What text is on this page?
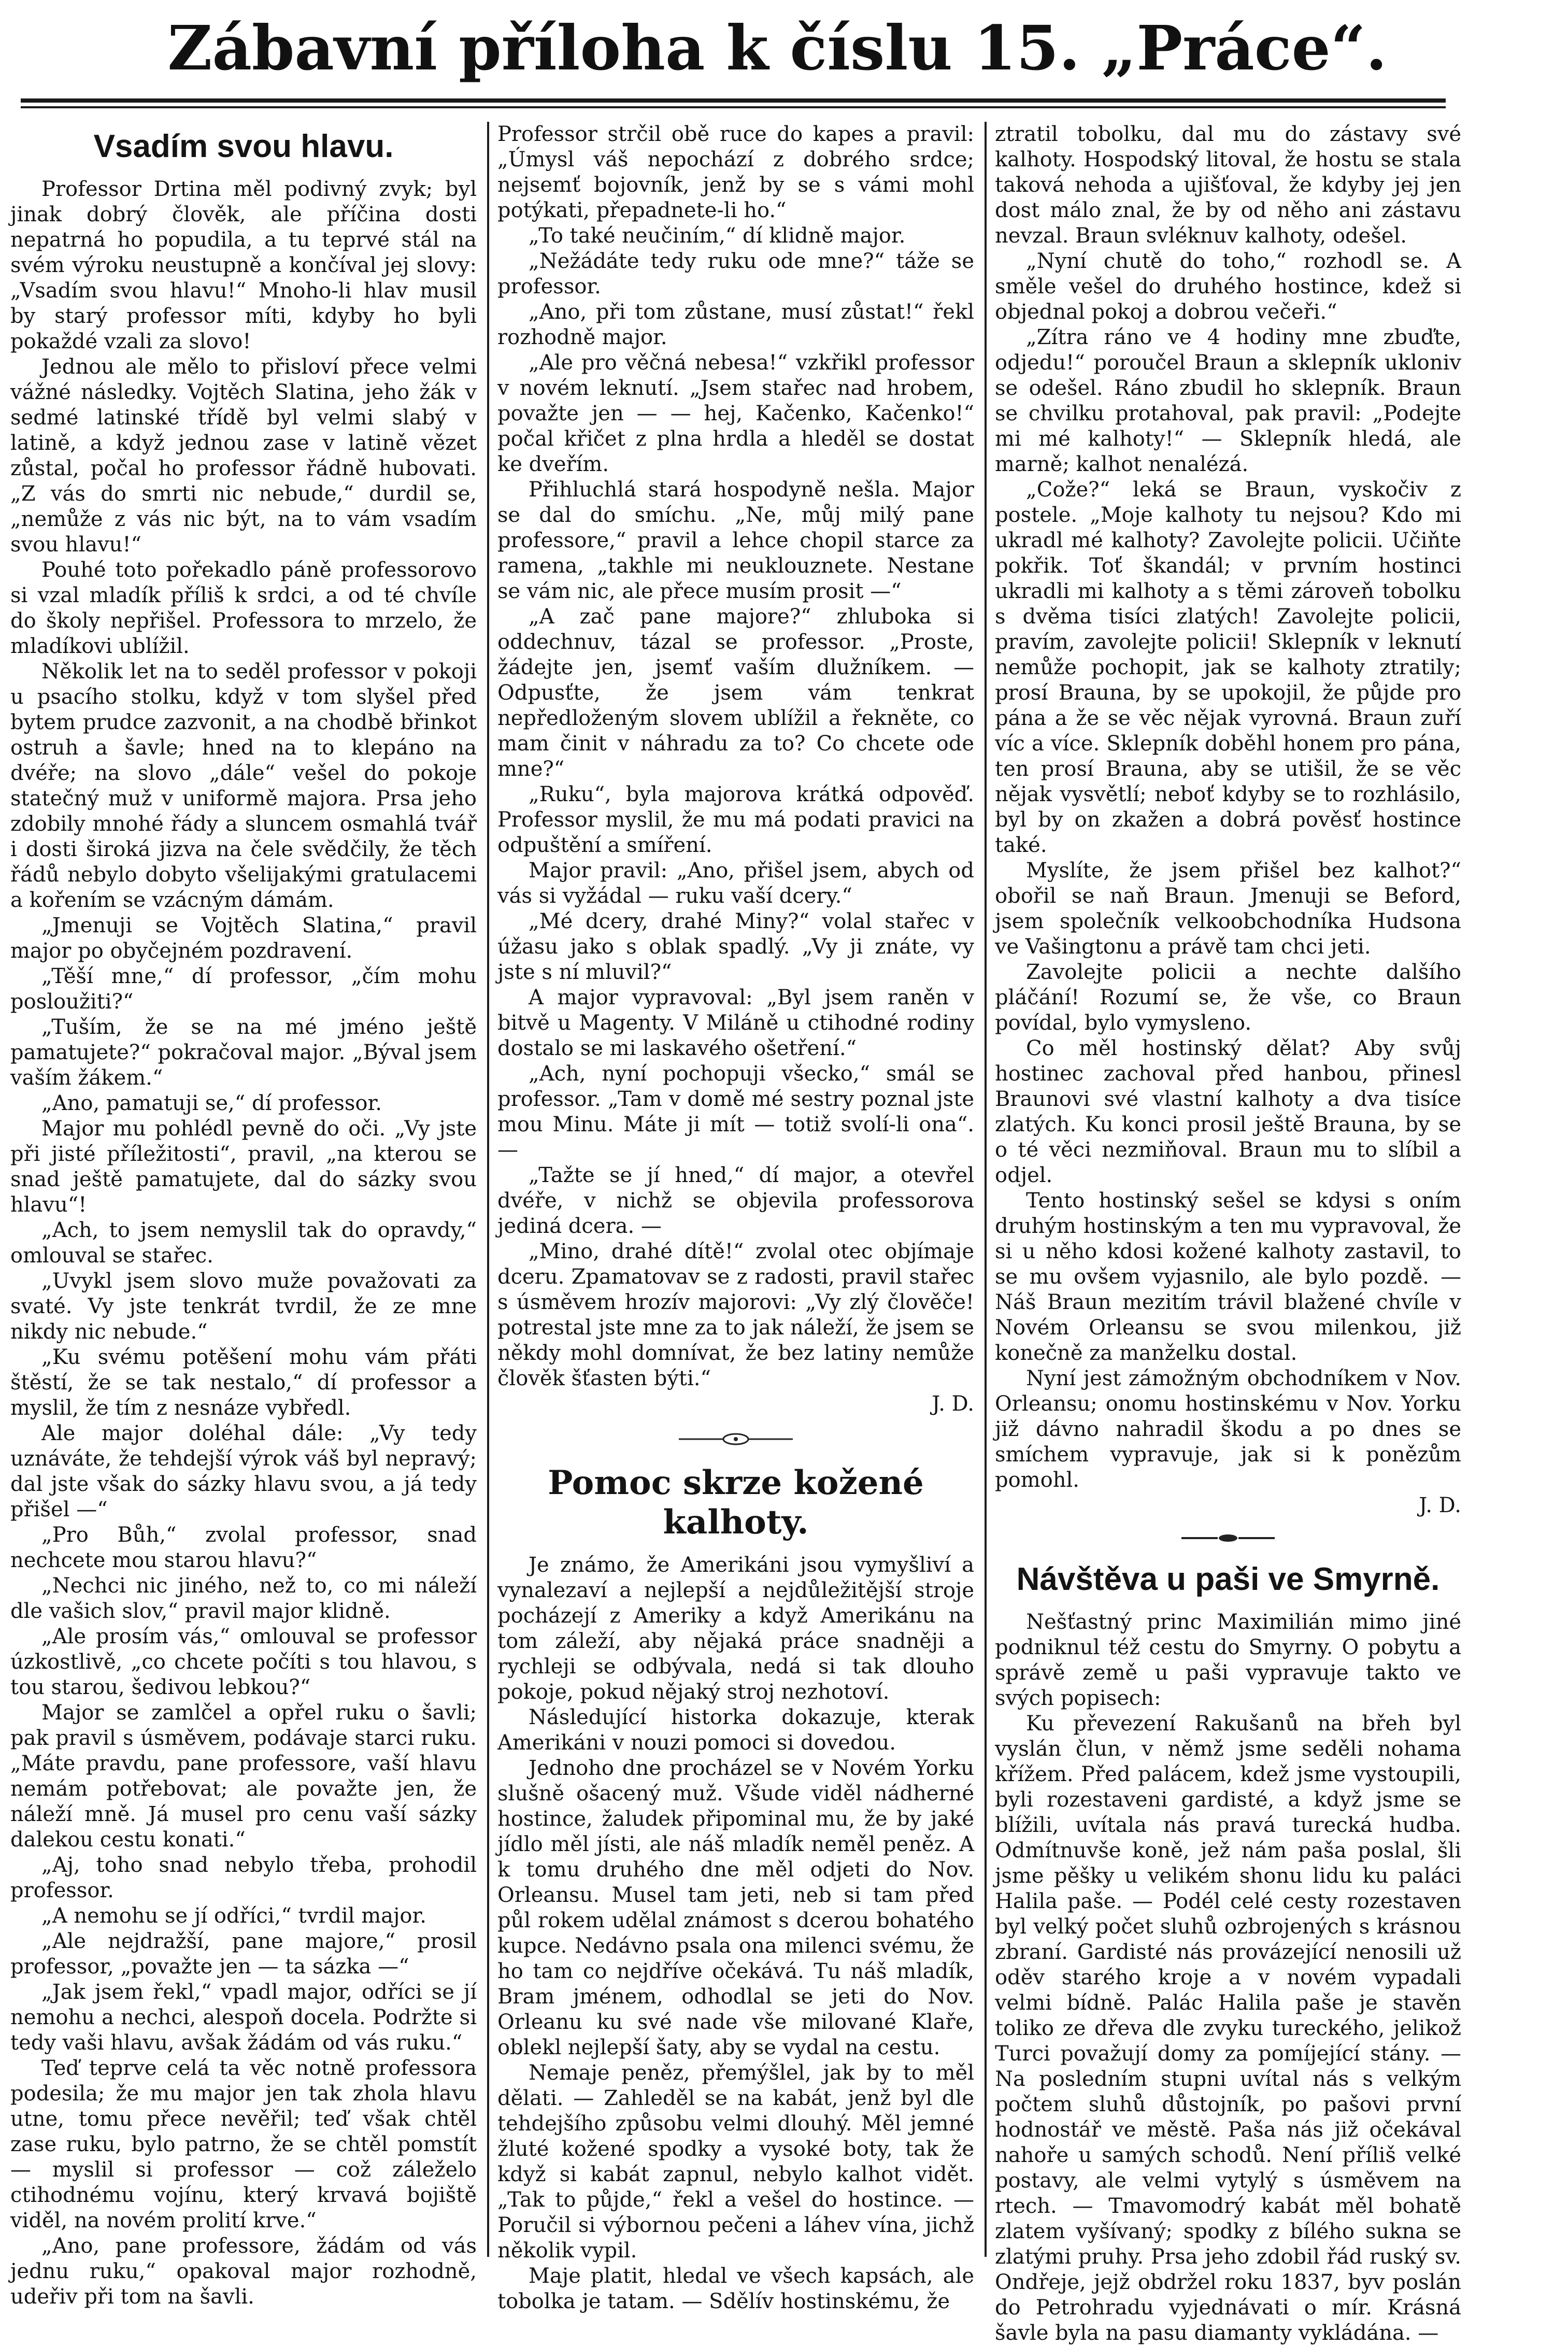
Zábavní příloha k číslu 15. „Práce“.
Vsadím svou hlavu.

Professor Drtina měl podivný zvyk; byl jinak dobrý člověk, ale příčina dosti nepatrná ho popudila, a tu teprvé stál na svém výroku neustupně a končíval jej slovy: „Vsadím svou hlavu!“ Mnoho-li hlav musil by starý professor míti, kdyby ho byli pokaždé vzali za slovo!

Jednou ale mělo to přisloví přece velmi vážné následky. Vojtěch Slatina, jeho žák v sedmé latinské třídě byl velmi slabý v latině, a když jednou zase v latině vězet zůstal, počal ho professor řádně hubovati. „Z vás do smrti nic nebude,“ durdil se, „nemůže z vás nic být, na to vám vsadím svou hlavu!“

Pouhé toto pořekadlo páně professorovo si vzal mladík příliš k srdci, a od té chvíle do školy nepřišel. Professora to mrzelo, že mladíkovi ublížil.

Několik let na to seděl professor v pokoji u psacího stolku, když v tom slyšel před bytem prudce zazvonit, a na chodbě břinkot ostruh a šavle; hned na to klepáno na dvéře; na slovo „dále“ vešel do pokoje statečný muž v uniformě majora. Prsa jeho zdobily mnohé řády a sluncem osmahlá tvář i dosti široká jizva na čele svědčily, že těch řádů nebylo dobyto všelijakými gratulacemi a kořením se vzácným dámám.

„Jmenuji se Vojtěch Slatina,“ pravil major po obyčejném pozdravení.

„Těší mne,“ dí professor, „čím mohu posloužiti?“

„Tuším, že se na mé jméno ještě pamatujete?“ pokračoval major. „Býval jsem vaším žákem.“

„Ano, pamatuji se,“ dí professor.

Major mu pohlédl pevně do oči. „Vy jste při jisté příležitosti“, pravil, „na kterou se snad ještě pamatujete, dal do sázky svou hlavu“!

„Ach, to jsem nemyslil tak do opravdy,“ omlouval se stařec.

„Uvykl jsem slovo muže považovati za svaté. Vy jste tenkrát tvrdil, že ze mne nikdy nic nebude.“

„Ku svému potěšení mohu vám přáti štěstí, že se tak nestalo,“ dí professor a myslil, že tím z nesnáze vybředl.

Ale major doléhal dále: „Vy tedy uznáváte, že tehdejší výrok váš byl nepravý; dal jste však do sázky hlavu svou, a já tedy přišel —“

„Pro Bůh,“ zvolal professor, snad nechcete mou starou hlavu?“

„Nechci nic jiného, než to, co mi náleží dle vašich slov,“ pravil major klidně.

„Ale prosím vás,“ omlouval se professor úzkostlivě, „co chcete počíti s tou hlavou, s tou starou, šedivou lebkou?“

Major se zamlčel a opřel ruku o šavli; pak pravil s úsměvem, podávaje starci ruku. „Máte pravdu, pane professore, vaší hlavu nemám potřebovat; ale považte jen, že náleží mně. Já musel pro cenu vaší sázky dalekou cestu konati.“

„Aj, toho snad nebylo třeba, prohodil professor.

„A nemohu se jí odříci,“ tvrdil major.

„Ale nejdražší, pane majore,“ prosil professor, „považte jen — ta sázka —“

„Jak jsem řekl,“ vpadl major, odříci se jí nemohu a nechci, alespoň docela. Podržte si tedy vaši hlavu, avšak žádám od vás ruku.“

Teď teprve celá ta věc notně professora podesila; že mu major jen tak zhola hlavu utne, tomu přece nevěřil; teď však chtěl zase ruku, bylo patrno, že se chtěl pomstít — myslil si professor — což záleželo ctihodnému vojínu, který krvavá bojiště viděl, na novém prolití krve.“

„Ano, pane professore, žádám od vás jednu ruku,“ opakoval major rozhodně, udeřiv při tom na šavli.

Professor strčil obě ruce do kapes a pravil: „Úmysl váš nepochází z dobrého srdce; nejsemť bojovník, jenž by se s vámi mohl potýkati, přepadnete-li ho.“

„To také neučiním,“ dí klidně major.

„Nežádáte tedy ruku ode mne?“ táže se professor.

„Ano, při tom zůstane, musí zůstat!“ řekl rozhodně major.

„Ale pro věčná nebesa!“ vzkřikl professor v novém leknutí. „Jsem stařec nad hrobem, považte jen — — hej, Kačenko, Kačenko!“ počal křičet z plna hrdla a hleděl se dostat ke dveřím.

Přihluchlá stará hospodyně nešla. Major se dal do smíchu. „Ne, můj milý pane professore,“ pravil a lehce chopil starce za ramena, „takhle mi neuklouznete. Nestane se vám nic, ale přece musím prosit —“

„A zač pane majore?“ zhluboka si oddechnuv, tázal se professor. „Proste, žádejte jen, jsemť vaším dlužníkem. — Odpusťte, že jsem vám tenkrat nepředloženým slovem ublížil a řekněte, co mam činit v náhradu za to? Co chcete ode mne?“

„Ruku“, byla majorova krátká odpověď. Professor myslil, že mu má podati pravici na odpuštění a smíření.

Major pravil: „Ano, přišel jsem, abych od vás si vyžádal — ruku vaší dcery.“

„Mé dcery, drahé Miny?“ volal stařec v úžasu jako s oblak spadlý. „Vy ji znáte, vy jste s ní mluvil?“

A major vypravoval: „Byl jsem raněn v bitvě u Magenty. V Miláně u ctihodné rodiny dostalo se mi laskavého ošetření.“

„Ach, nyní pochopuji všecko,“ smál se professor. „Tam v domě mé sestry poznal jste mou Minu. Máte ji mít — totiž svolí-li ona“. —

„Tažte se jí hned,“ dí major, a otevřel dvéře, v nichž se objevila professorova jediná dcera. —

„Mino, drahé dítě!“ zvolal otec objímaje dceru. Zpamatovav se z radosti, pravil stařec s úsměvem hrozív majorovi: „Vy zlý člověče! potrestal jste mne za to jak náleží, že jsem se někdy mohl domnívat, že bez latiny nemůže člověk šťasten býti.“

J. D.

Pomoc skrze kožené kalhoty.

Je známo, že Amerikáni jsou vymyšliví a vynalezaví a nejlepší a nejdůležitější stroje pocházejí z Ameriky a když Amerikánu na tom záleží, aby nějaká práce snadněji a rychleji se odbývala, nedá si tak dlouho pokoje, pokud nějaký stroj nezhotoví.

Následující historka dokazuje, kterak Amerikáni v nouzi pomoci si dovedou.

Jednoho dne procházel se v Novém Yorku slušně ošacený muž. Všude viděl nádherné hostince, žaludek připominal mu, že by jaké jídlo měl jísti, ale náš mladík neměl peněz. A k tomu druhého dne měl odjeti do Nov. Orleansu. Musel tam jeti, neb si tam před půl rokem udělal známost s dcerou bohatého kupce. Nedávno psala ona milenci svému, že ho tam co nejdříve očekává. Tu náš mladík, Bram jménem, odhodlal se jeti do Nov. Orleanu ku své nade vše milované Klaře, oblekl nejlepší šaty, aby se vydal na cestu.

Nemaje peněz, přemýšlel, jak by to měl dělati. — Zahleděl se na kabát, jenž byl dle tehdejšího způsobu velmi dlouhý. Měl jemné žluté kožené spodky a vysoké boty, tak že když si kabát zapnul, nebylo kalhot vidět. „Tak to půjde,“ řekl a vešel do hostince. — Poručil si výbornou pečeni a láhev vína, jichž několik vypil.

Maje platit, hledal ve všech kapsách, ale tobolka je tatam. — Sdělív hostinskému, že

ztratil tobolku, dal mu do zástavy své kalhoty. Hospodský litoval, že hostu se stala taková nehoda a ujišťoval, že kdyby jej jen dost málo znal, že by od něho ani zástavu nevzal. Braun svléknuv kalhoty, odešel.

„Nyní chutě do toho,“ rozhodl se. A směle vešel do druhého hostince, kdež si objednal pokoj a dobrou večeři.“

„Zítra ráno ve 4 hodiny mne zbuďte, odjedu!“ poroučel Braun a sklepník ukloniv se odešel. Ráno zbudil ho sklepník. Braun se chvilku protahoval, pak pravil: „Podejte mi mé kalhoty!“ — Sklepník hledá, ale marně; kalhot nenalézá.

„Cože?“ leká se Braun, vyskočiv z postele. „Moje kalhoty tu nejsou? Kdo mi ukradl mé kalhoty? Zavolejte policii. Učiňte pokřik. Toť škandál; v prvním hostinci ukradli mi kalhoty a s těmi zároveň tobolku s dvěma tisíci zlatých! Zavolejte policii, pravím, zavolejte policii! Sklepník v leknutí nemůže pochopit, jak se kalhoty ztratily; prosí Brauna, by se upokojil, že půjde pro pána a že se věc nějak vyrovná. Braun zuří víc a více. Sklepník doběhl honem pro pána, ten prosí Brauna, aby se utišil, že se věc nějak vysvětlí; neboť kdyby se to rozhlásilo, byl by on zkažen a dobrá pověsť hostince také.

Myslíte, že jsem přišel bez kalhot?“ obořil se naň Braun. Jmenuji se Beford, jsem společník velkoobchodníka Hudsona ve Vašingtonu a právě tam chci jeti.

Zavolejte policii a nechte dalšího pláčání! Rozumí se, že vše, co Braun povídal, bylo vymysleno.

Co měl hostinský dělat? Aby svůj hostinec zachoval před hanbou, přinesl Braunovi své vlastní kalhoty a dva tisíce zlatých. Ku konci prosil ještě Brauna, by se o té věci nezmiňoval. Braun mu to slíbil a odjel.

Tento hostinský sešel se kdysi s oním druhým hostinským a ten mu vypravoval, že si u něho kdosi kožené kalhoty zastavil, to se mu ovšem vyjasnilo, ale bylo pozdě. — Náš Braun mezitím trávil blažené chvíle v Novém Orleansu se svou milenkou, již konečně za manželku dostal.

Nyní jest zámožným obchodníkem v Nov. Orleansu; onomu hostinskému v Nov. Yorku již dávno nahradil škodu a po dnes se smíchem vypravuje, jak si k ponězům pomohl.

J. D.

Návštěva u paši ve Smyrně.

Nešťastný princ Maximilián mimo jiné podniknul též cestu do Smyrny. O pobytu a správě země u paši vypravuje takto ve svých popisech:

Ku převezení Rakušanů na břeh byl vyslán člun, v němž jsme seděli nohama křížem. Před palácem, kdež jsme vystoupili, byli rozestaveni gardisté, a když jsme se blížili, uvítala nás pravá turecká hudba. Odmítnuvše koně, jež nám paša poslal, šli jsme pěšky u velikém shonu lidu ku paláci Halila paše. — Podél celé cesty rozestaven byl velký počet sluhů ozbrojených s krásnou zbraní. Gardisté nás provázející nenosili už oděv starého kroje a v novém vypadali velmi bídně. Palác Halila paše je stavěn toliko ze dřeva dle zvyku tureckého, jelikož Turci považují domy za pomíjející stány. — Na posledním stupni uvítal nás s velkým počtem sluhů důstojník, po pašovi první hodnostář ve městě. Paša nás již očekával nahoře u samých schodů. Není příliš velké postavy, ale velmi vytylý s úsměvem na rtech. — Tmavomodrý kabát měl bohatě zlatem vyšívaný; spodky z bílého sukna se zlatými pruhy. Prsa jeho zdobil řád ruský sv. Ondřeje, jejž obdržel roku 1837, byv poslán do Petrohradu vyjednávati o mír. Krásná šavle byla na pasu diamanty vykládána. —
